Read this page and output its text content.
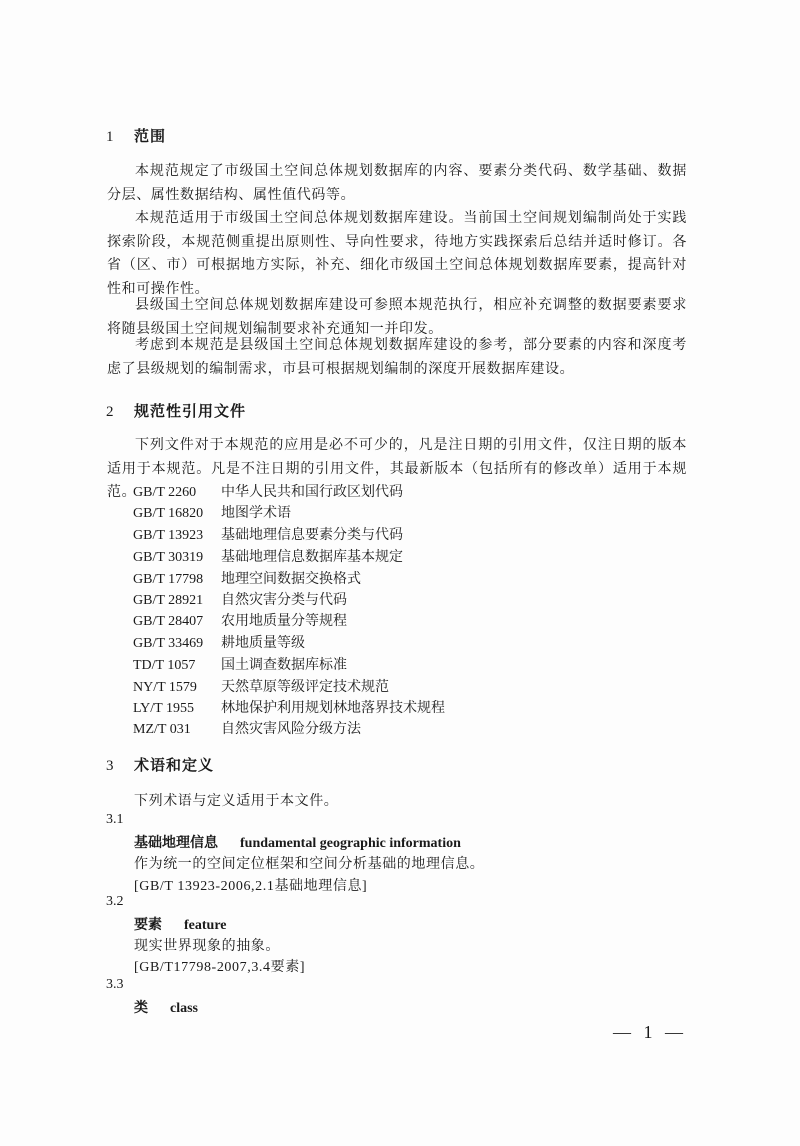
1 范围
本规范规定了市级国土空间总体规划数据库的内容、要素分类代码、数学基础、数据分层、属性数据结构、属性值代码等。
本规范适用于市级国土空间总体规划数据库建设。当前国土空间规划编制尚处于实践探索阶段，本规范侧重提出原则性、导向性要求，待地方实践探索后总结并适时修订。各省（区、市）可根据地方实际，补充、细化市级国土空间总体规划数据库要素，提高针对性和可操作性。
县级国土空间总体规划数据库建设可参照本规范执行，相应补充调整的数据要素要求将随县级国土空间规划编制要求补充通知一并印发。
考虑到本规范是县级国土空间总体规划数据库建设的参考，部分要素的内容和深度考虑了县级规划的编制需求，市县可根据规划编制的深度开展数据库建设。
2 规范性引用文件
下列文件对于本规范的应用是必不可少的，凡是注日期的引用文件，仅注日期的版本适用于本规范。凡是不注日期的引用文件，其最新版本（包括所有的修改单）适用于本规范。
GB/T 2260 中华人民共和国行政区划代码
GB/T 16820 地图学术语
GB/T 13923 基础地理信息要素分类与代码
GB/T 30319 基础地理信息数据库基本规定
GB/T 17798 地理空间数据交换格式
GB/T 28921 自然灾害分类与代码
GB/T 28407 农用地质量分等规程
GB/T 33469 耕地质量等级
TD/T 1057 国土调查数据库标准
NY/T 1579 天然草原等级评定技术规范
LY/T 1955 林地保护利用规划林地落界技术规程
MZ/T 031 自然灾害风险分级方法
3 术语和定义
下列术语与定义适用于本文件。
3.1
基础地理信息 fundamental geographic information
作为统一的空间定位框架和空间分析基础的地理信息。
[GB/T 13923-2006,2.1基础地理信息]
3.2
要素 feature
现实世界现象的抽象。
[GB/T17798-2007,3.4要素]
3.3
类 class
— 1 —
